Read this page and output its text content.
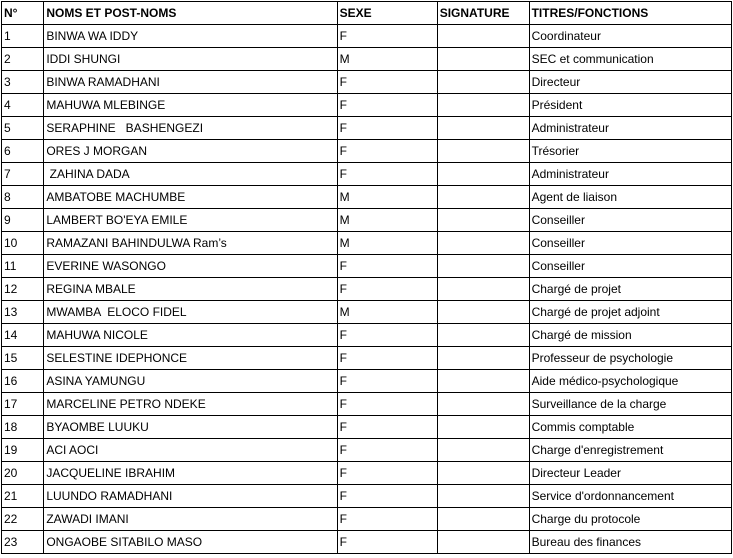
N°	NOMS ET POST-NOMS	SEXE	SIGNATURE	TITRES/FONCTIONS
1	BINWA WA IDDY	F		Coordinateur
2	IDDI SHUNGI	M		SEC et communication
3	BINWA RAMADHANI	F		Directeur
4	MAHUWA MLEBINGE	F		Président
5	SERAPHINE   BASHENGEZI	F		Administrateur
6	ORES J MORGAN	F		Trésorier
7	ZAHINA DADA	F		Administrateur
8	AMBATOBE MACHUMBE	M		Agent de liaison
9	LAMBERT BO'EYA EMILE	M		Conseiller
10	RAMAZANI BAHINDULWA Ram’s	M		Conseiller
11	EVERINE WASONGO	F		Conseiller
12	REGINA MBALE	F		Chargé de projet
13	MWAMBA  ELOCO FIDEL	M		Chargé de projet adjoint
14	MAHUWA NICOLE	F		Chargé de mission
15	SELESTINE IDEPHONCE	F		Professeur de psychologie
16	ASINA YAMUNGU	F		Aide médico-psychologique
17	MARCELINE PETRO NDEKE	F		Surveillance de la charge
18	BYAOMBE LUUKU	F		Commis comptable
19	ACI AOCI	F		Charge d'enregistrement
20	JACQUELINE IBRAHIM	F		Directeur Leader
21	LUUNDO RAMADHANI	F		Service d'ordonnancement
22	ZAWADI IMANI	F		Charge du protocole
23	ONGAOBE SITABILO MASO	F		Bureau des finances
